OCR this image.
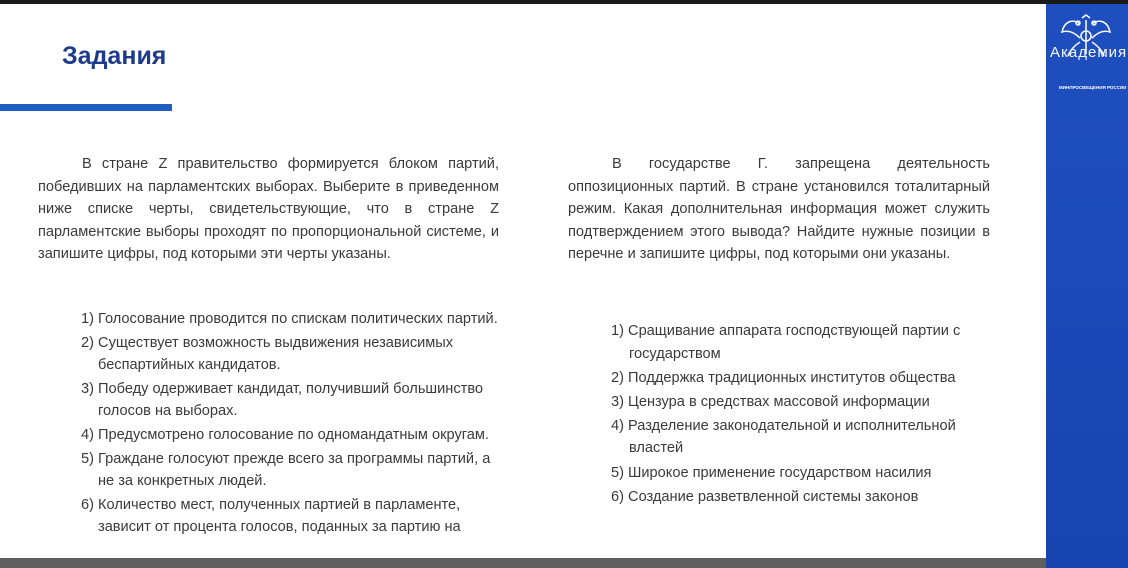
Задания

В стране Z правительство формируется блоком партий, победивших на парламентских выборах. Выберите в приведенном ниже списке черты, свидетельствующие, что в стране Z парламентские выборы проходят по пропорциональной системе, и запишите цифры, под которыми эти черты указаны.

1) Голосование проводится по спискам политических партий.
2) Существует возможность выдвижения независимых беспартийных кандидатов.
3) Победу одерживает кандидат, получивший большинство голосов на выборах.
4) Предусмотрено голосование по одномандатным округам.
5) Граждане голосуют прежде всего за программы партий, а не за конкретных людей.
6) Количество мест, полученных партией в парламенте, зависит от процента голосов, поданных за партию на

В государстве Г. запрещена деятельность оппозиционных партий. В стране установился тоталитарный режим. Какая дополнительная информация может служить подтверждением этого вывода? Найдите нужные позиции в перечне и запишите цифры, под которыми они указаны.

1) Сращивание аппарата господствующей партии с государством
2) Поддержка традиционных институтов общества
3) Цензура в средствах массовой информации
4) Разделение законодательной и исполнительной властей
5) Широкое применение государством насилия
6) Создание разветвленной системы законов
Академия
МИНПРОСВЕЩЕНИЯ РОССИИ
